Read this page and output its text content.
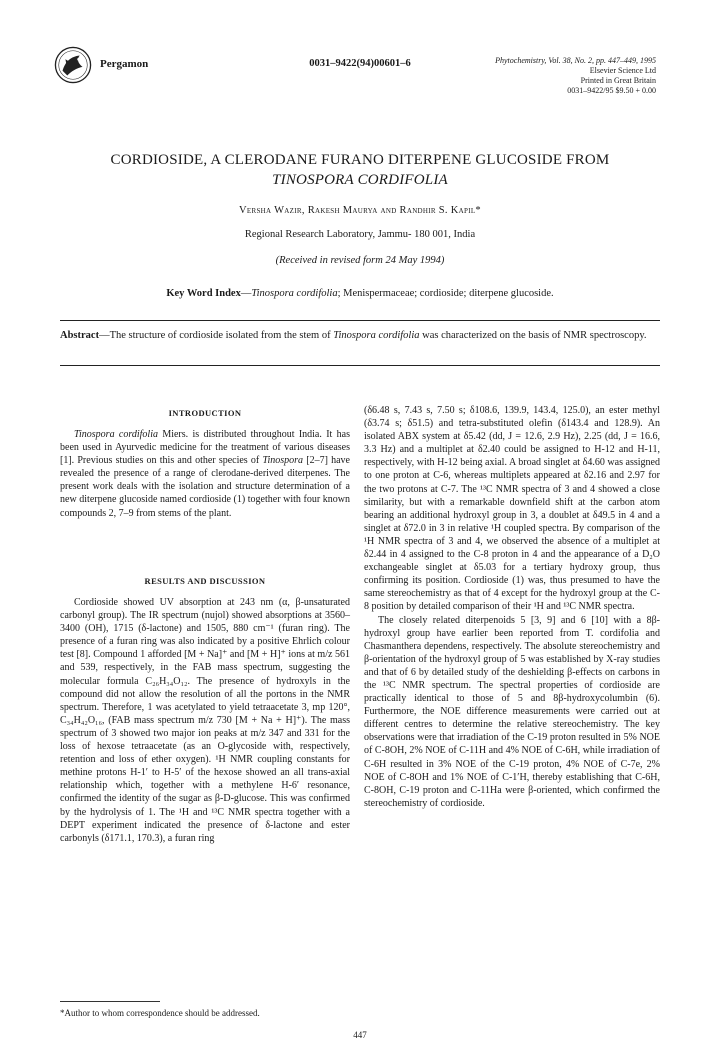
Pergamon	0031–9422(94)00601–6	Phytochemistry, Vol. 38, No. 2, pp. 447–449, 1995
Elsevier Science Ltd
Printed in Great Britain
0031–9422/95 $9.50 + 0.00
CORDIOSIDE, A CLERODANE FURANO DITERPENE GLUCOSIDE FROM
TINOSPORA CORDIFOLIA
Versha Wazir, Rakesh Maurya and Randhir S. Kapil*
Regional Research Laboratory, Jammu- 180 001, India
(Received in revised form 24 May 1994)
Key Word Index—Tinospora cordifolia; Menispermaceae; cordioside; diterpene glucoside.
Abstract—The structure of cordioside isolated from the stem of Tinospora cordifolia was characterized on the basis of NMR spectroscopy.
INTRODUCTION

Tinospora cordifolia Miers. is distributed throughout India. It has been used in Ayurvedic medicine for the treatment of various diseases [1]. Previous studies on this and other species of Tinospora [2–7] have revealed the presence of a range of clerodane-derived diterpenes. The present work deals with the isolation and structure determination of a new diterpene glucoside named cordioside (1) together with four known compounds 2, 7–9 from stems of the plant.

RESULTS AND DISCUSSION

Cordioside showed UV absorption at 243 nm (α, β-unsaturated carbonyl group). The IR spectrum (nujol) showed absorptions at 3560–3400 (OH), 1715 (δ-lactone) and 1505, 880 cm⁻¹ (furan ring). The presence of a furan ring was also indicated by a positive Ehrlich colour test [8]. Compound 1 afforded [M + Na]⁺ and [M + H]⁺ ions at m/z 561 and 539, respectively, in the FAB mass spectrum, suggesting the molecular formula C₂₆H₃₄O₁₂. The presence of hydroxyls in the compound did not allow the resolution of all the portons in the NMR spectrum. Therefore, 1 was acetylated to yield tetraacetate 3, mp 120°, C₃₄H₄₂O₁₆, (FAB mass spectrum m/z 730 [M + Na + H]⁺). The mass spectrum of 3 showed two major ion peaks at m/z 347 and 331 for the loss of hexose tetraacetate (as an O-glycoside with, respectively, retention and loss of ether oxygen). ¹H NMR coupling constants for methine protons H-1′ to H-5′ of the hexose showed an all trans-axial relationship which, together with a methylene H-6′ resonance, confirmed the identity of the sugar as β-D-glucose. This was confirmed by the hydrolysis of 1. The ¹H and ¹³C NMR spectra together with a DEPT experiment indicated the presence of δ-lactone and ester carbonyls (δ171.1, 170.3), a furan ring

(δ6.48 s, 7.43 s, 7.50 s; δ108.6, 139.9, 143.4, 125.0), an ester methyl (δ3.74 s; δ51.5) and tetra-substituted olefin (δ143.4 and 128.9). An isolated ABX system at δ5.42 (dd, J = 12.6, 2.9 Hz), 2.25 (dd, J = 16.6, 3.3 Hz) and a multiplet at δ2.40 could be assigned to H-12 and H-11, respectively, with H-12 being axial. A broad singlet at δ4.60 was assigned to one proton at C-6, whereas multiplets appeared at δ2.16 and 2.97 for the two protons at C-7. The ¹³C NMR spectra of 3 and 4 showed a close similarity, but with a remarkable downfield shift at the carbon atom bearing an additional hydroxyl group in 3, a doublet at δ49.5 in 4 and a singlet at δ72.0 in 3 in relative ¹H coupled spectra. By comparison of the ¹H NMR spectra of 3 and 4, we observed the absence of a multiplet at δ2.44 in 4 assigned to the C-8 proton in 4 and the appearance of a D₂O exchangeable singlet at δ5.03 for a tertiary hydroxy group, thus confirming its position. Cordioside (1) was, thus presumed to have the same stereochemistry as that of 4 except for the hydroxyl group at the C-8 position by detailed comparison of their ¹H and ¹³C NMR spectra.

The closely related diterpenoids 5 [3, 9] and 6 [10] with a 8β-hydroxyl group have earlier been reported from T. cordifolia and Chasmanthera dependens, respectively. The absolute stereochemistry and β-orientation of the hydroxyl group of 5 was established by X-ray studies and that of 6 by detailed study of the deshielding β-effects on carbons in the ¹³C NMR spectrum. The spectral properties of cordioside are practically identical to those of 5 and 8β-hydroxycolumbin (6). Furthermore, the NOE difference measurements were carried out at different centres to determine the relative stereochemistry. The key observations were that irradiation of the C-19 proton resulted in 5% NOE of C-8OH, 2% NOE of C-11H and 4% NOE of C-6H, while irradiation of C-6H resulted in 3% NOE of the C-19 proton, 4% NOE of C-7e, 2% NOE of C-8OH and 1% NOE of C-1′H, thereby establishing that C-6H, C-8OH, C-19 proton and C-11Ha were β-oriented, which confirmed the stereochemistry of cordioside.

*Author to whom correspondence should be addressed.
447
